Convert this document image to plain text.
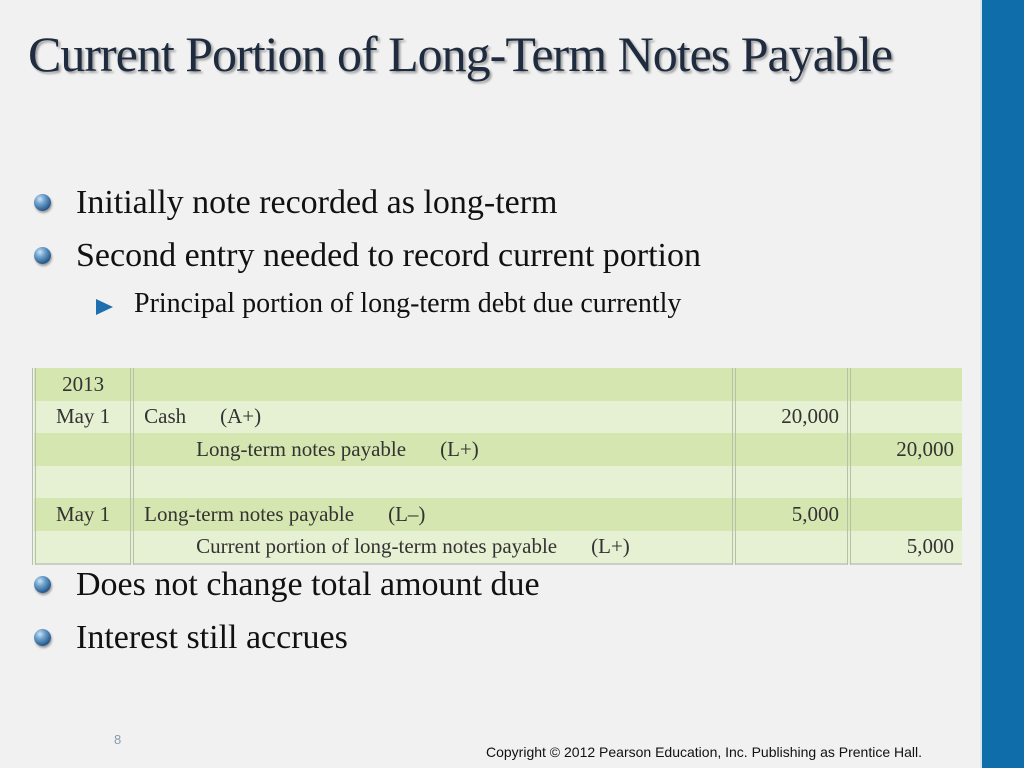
Current Portion of Long-Term Notes Payable
Initially note recorded as long-term
Second entry needed to record current portion
Principal portion of long-term debt due currently
2013			
May 1	Cash (A+)	20,000	
	Long-term notes payable (L+)		20,000

May 1	Long-term notes payable (L–)	5,000	
	Current portion of long-term notes payable (L+)		5,000
Does not change total amount due
Interest still accrues
8
Copyright © 2012 Pearson Education, Inc. Publishing as Prentice Hall.
